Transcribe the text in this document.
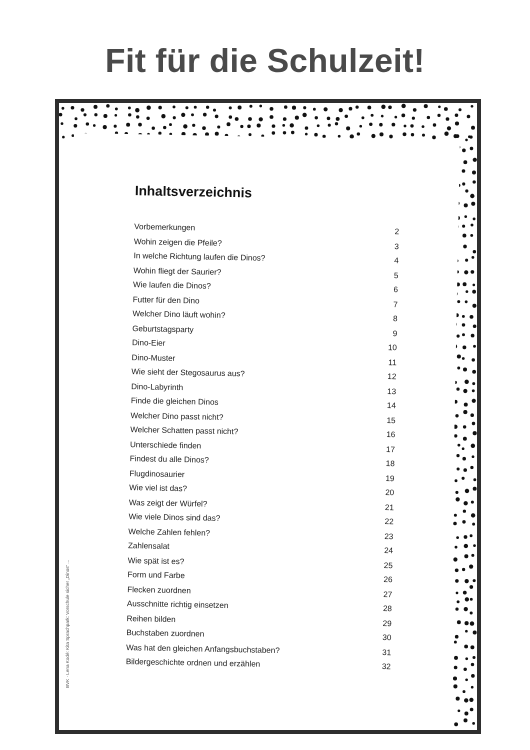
Fit für die Schulzeit!
Inhaltsverzeichnis
Vorbemerkungen	2
Wohin zeigen die Pfeile?	3
In welche Richtung laufen die Dinos?	4
Wohin fliegt der Saurier?	5
Wie laufen die Dinos?	6
Futter für den Dino	7
Welcher Dino läuft wohin?	8
Geburtstagsparty	9
Dino-Eier	10
Dino-Muster	11
Wie sieht der Stegosaurus aus?	12
Dino-Labyrinth	13
Finde die gleichen Dinos	14
Welcher Dino passt nicht?	15
Welcher Schatten passt nicht?	16
Unterschiede finden	17
Findest du alle Dinos?	18
Flugdinosaurier	19
Wie viel ist das?	20
Was zeigt der Würfel?	21
Wie viele Dinos sind das?	22
Welche Zahlen fehlen?	23
Zahlensalat	24
Wie spät ist es?	25
Form und Farbe	26
Flecken zuordnen	27
Ausschnitte richtig einsetzen	28
Reihen bilden	29
Buchstaben zuordnen	30
Was hat den gleichen Anfangsbuchstaben?	31
Bildergeschichte ordnen und erzählen	32
BVK · Lena Kodé: Kita Sprachpark: Vorschule sicher „Dinos“ ...
